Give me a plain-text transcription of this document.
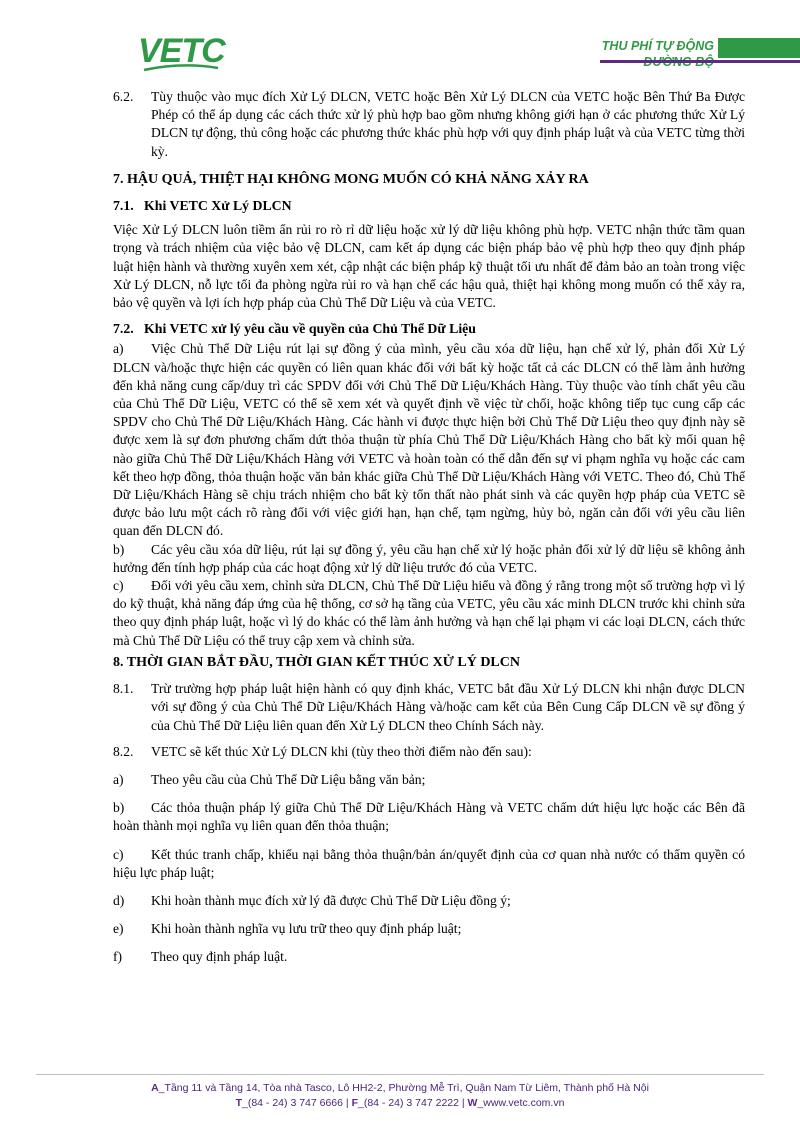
VETC	THU PHÍ TỰ ĐỘNG
6.2.	Tùy thuộc vào mục đích Xử Lý DLCN, VETC hoặc Bên Xử Lý DLCN của VETC hoặc Bên Thứ Ba Được Phép có thể áp dụng các cách thức xử lý phù hợp bao gồm nhưng không giới hạn ở các phương thức Xử Lý DLCN tự động, thủ công hoặc các phương thức khác phù hợp với quy định pháp luật và của VETC từng thời kỳ.
7. HẬU QUẢ, THIỆT HẠI KHÔNG MONG MUỐN CÓ KHẢ NĂNG XẢY RA
7.1.   Khi VETC Xử Lý DLCN

Việc Xử Lý DLCN luôn tiềm ẩn rủi ro rò rỉ dữ liệu hoặc xử lý dữ liệu không phù hợp. VETC nhận thức tầm quan trọng và trách nhiệm của việc bảo vệ DLCN, cam kết áp dụng các biện pháp bảo vệ phù hợp theo quy định pháp luật hiện hành và thường xuyên xem xét, cập nhật các biện pháp kỹ thuật tối ưu nhất để đảm bảo an toàn trong việc Xử Lý DLCN, nỗ lực tối đa phòng ngừa rủi ro và hạn chế các hậu quả, thiệt hại không mong muốn có thể xảy ra, bảo vệ quyền và lợi ích hợp pháp của Chủ Thể Dữ Liệu và của VETC.

7.2.   Khi VETC xử lý yêu cầu về quyền của Chủ Thể Dữ Liệu

a) Việc Chủ Thể Dữ Liệu rút lại sự đồng ý của mình, yêu cầu xóa dữ liệu, hạn chế xử lý, phản đối Xử Lý DLCN và/hoặc thực hiện các quyền có liên quan khác đối với bất kỳ hoặc tất cả các DLCN có thể làm ảnh hưởng đến khả năng cung cấp/duy trì các SPDV đối với Chủ Thể Dữ Liệu/Khách Hàng. Tùy thuộc vào tính chất yêu cầu của Chủ Thể Dữ Liệu, VETC có thể sẽ xem xét và quyết định về việc từ chối, hoặc không tiếp tục cung cấp các SPDV cho Chủ Thể Dữ Liệu/Khách Hàng. Các hành vi được thực hiện bởi Chủ Thể Dữ Liệu theo quy định này sẽ được xem là sự đơn phương chấm dứt thỏa thuận từ phía Chủ Thể Dữ Liệu/Khách Hàng cho bất kỳ mối quan hệ nào giữa Chủ Thể Dữ Liệu/Khách Hàng với VETC và hoàn toàn có thể dẫn đến sự vi phạm nghĩa vụ hoặc các cam kết theo hợp đồng, thỏa thuận hoặc văn bản khác giữa Chủ Thể Dữ Liệu/Khách Hàng với VETC. Theo đó, Chủ Thể Dữ Liệu/Khách Hàng sẽ chịu trách nhiệm cho bất kỳ tổn thất nào phát sinh và các quyền hợp pháp của VETC sẽ được bảo lưu một cách rõ ràng đối với việc giới hạn, hạn chế, tạm ngừng, hủy bỏ, ngăn cản đối với yêu cầu liên quan đến DLCN đó.

b) Các yêu cầu xóa dữ liệu, rút lại sự đồng ý, yêu cầu hạn chế xử lý hoặc phản đối xử lý dữ liệu sẽ không ảnh hưởng đến tính hợp pháp của các hoạt động xử lý dữ liệu trước đó của VETC.

c) Đối với yêu cầu xem, chỉnh sửa DLCN, Chủ Thể Dữ Liệu hiểu và đồng ý rằng trong một số trường hợp vì lý do kỹ thuật, khả năng đáp ứng của hệ thống, cơ sở hạ tầng của VETC, yêu cầu xác minh DLCN trước khi chỉnh sửa theo quy định pháp luật, hoặc vì lý do khác có thể làm ảnh hưởng và hạn chế lại phạm vi các loại DLCN, cách thức mà Chủ Thể Dữ Liệu có thể truy cập xem và chỉnh sửa.

8. THỜI GIAN BẮT ĐẦU, THỜI GIAN KẾT THÚC XỬ LÝ DLCN
8.1.	Trừ trường hợp pháp luật hiện hành có quy định khác, VETC bắt đầu Xử Lý DLCN khi nhận được DLCN với sự đồng ý của Chủ Thể Dữ Liệu/Khách Hàng và/hoặc cam kết của Bên Cung Cấp DLCN về sự đồng ý của Chủ Thể Dữ Liệu liên quan đến Xử Lý DLCN theo Chính Sách này.
8.2.	VETC sẽ kết thúc Xử Lý DLCN khi (tùy theo thời điểm nào đến sau):

a) Theo yêu cầu của Chủ Thể Dữ Liệu bằng văn bản;

b) Các thỏa thuận pháp lý giữa Chủ Thể Dữ Liệu/Khách Hàng và VETC chấm dứt hiệu lực hoặc các Bên đã hoàn thành mọi nghĩa vụ liên quan đến thỏa thuận;

c) Kết thúc tranh chấp, khiếu nại bằng thỏa thuận/bản án/quyết định của cơ quan nhà nước có thẩm quyền có hiệu lực pháp luật;

d) Khi hoàn thành mục đích xử lý đã được Chủ Thể Dữ Liệu đồng ý;

e) Khi hoàn thành nghĩa vụ lưu trữ theo quy định pháp luật;

f) Theo quy định pháp luật.

A_Tầng 11 và Tầng 14, Tòa nhà Tasco, Lô HH2-2, Phường Mễ Trì, Quận Nam Từ Liêm, Thành phố Hà Nội
T_(84 - 24) 3 747 6666 | F_(84 - 24) 3 747 2222 | W_www.vetc.com.vn
